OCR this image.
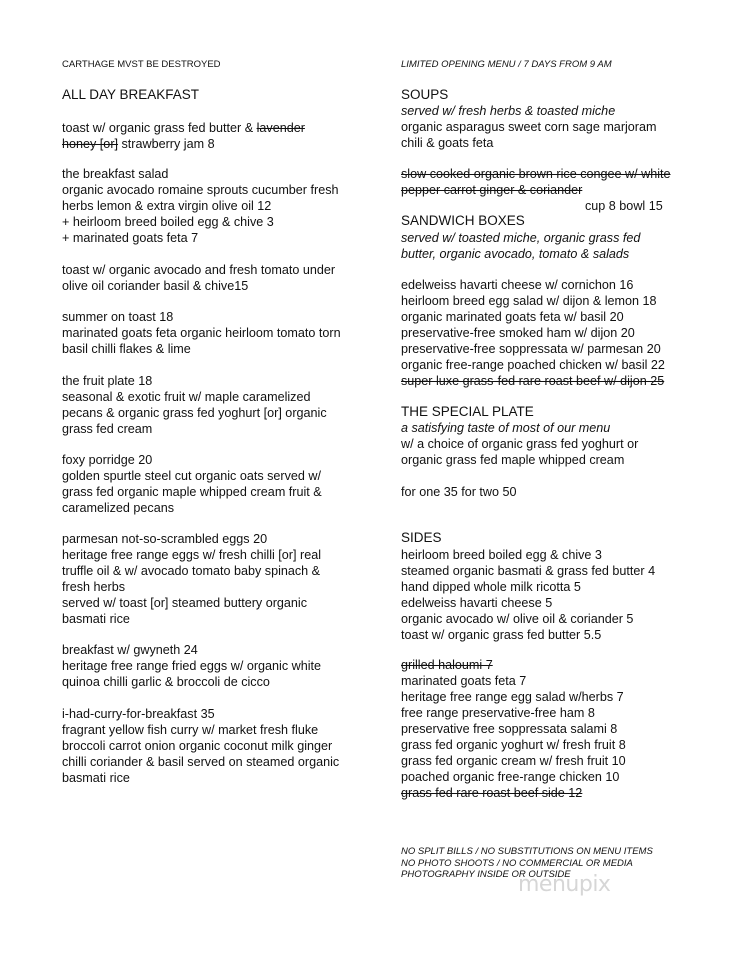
CARTHAGE MVST BE DESTROYED
ALL DAY BREAKFAST
toast w/ organic grass fed butter & lavender
honey [or] strawberry jam 8
the breakfast salad
organic avocado romaine sprouts cucumber fresh
herbs lemon & extra virgin olive oil 12
+ heirloom breed boiled egg & chive 3
+ marinated goats feta 7
toast w/ organic avocado and fresh tomato under
olive oil coriander basil & chive15
summer on toast 18
marinated goats feta organic heirloom tomato torn
basil chilli flakes & lime
the fruit plate 18
seasonal & exotic fruit w/ maple caramelized
pecans & organic grass fed yoghurt [or] organic
grass fed cream
foxy porridge 20
golden spurtle steel cut organic oats served w/
grass fed organic maple whipped cream fruit &
caramelized pecans
parmesan not-so-scrambled eggs 20
heritage free range eggs w/ fresh chilli [or] real
truffle oil & w/ avocado tomato baby spinach &
fresh herbs
served w/ toast [or] steamed buttery organic
basmati rice
breakfast w/ gwyneth 24
heritage free range fried eggs w/ organic white
quinoa chilli garlic & broccoli de cicco
i-had-curry-for-breakfast 35
fragrant yellow fish curry w/ market fresh fluke
broccoli carrot onion organic coconut milk ginger
chilli coriander & basil served on steamed organic
basmati rice
LIMITED OPENING MENU / 7 DAYS FROM 9 AM
SOUPS
served w/ fresh herbs & toasted miche
organic asparagus sweet corn sage marjoram
chili & goats feta
slow cooked organic brown rice congee w/ white
pepper carrot ginger & coriander
cup 8 bowl 15
SANDWICH BOXES
served w/ toasted miche, organic grass fed
butter, organic avocado, tomato & salads
edelweiss havarti cheese w/ cornichon 16
heirloom breed egg salad w/ dijon & lemon 18
organic marinated goats feta w/ basil 20
preservative-free smoked ham w/ dijon 20
preservative-free soppressata w/ parmesan 20
organic free-range poached chicken w/ basil 22
super luxe grass-fed rare roast beef w/ dijon 25
THE SPECIAL PLATE
a satisfying taste of most of our menu
w/ a choice of organic grass fed yoghurt or
organic grass fed maple whipped cream
for one 35 for two 50
SIDES
heirloom breed boiled egg & chive 3
steamed organic basmati & grass fed butter 4
hand dipped whole milk ricotta 5
edelweiss havarti cheese 5
organic avocado w/ olive oil & coriander 5
toast w/ organic grass fed butter 5.5
grilled haloumi 7
marinated goats feta 7
heritage free range egg salad w/herbs 7
free range preservative-free ham 8
preservative free soppressata salami 8
grass fed organic yoghurt w/ fresh fruit 8
grass fed organic cream w/ fresh fruit 10
poached organic free-range chicken 10
grass fed rare roast beef side 12
NO SPLIT BILLS / NO SUBSTITUTIONS ON MENU ITEMS
NO PHOTO SHOOTS / NO COMMERCIAL OR MEDIA
PHOTOGRAPHY INSIDE OR OUTSIDE
menupix
